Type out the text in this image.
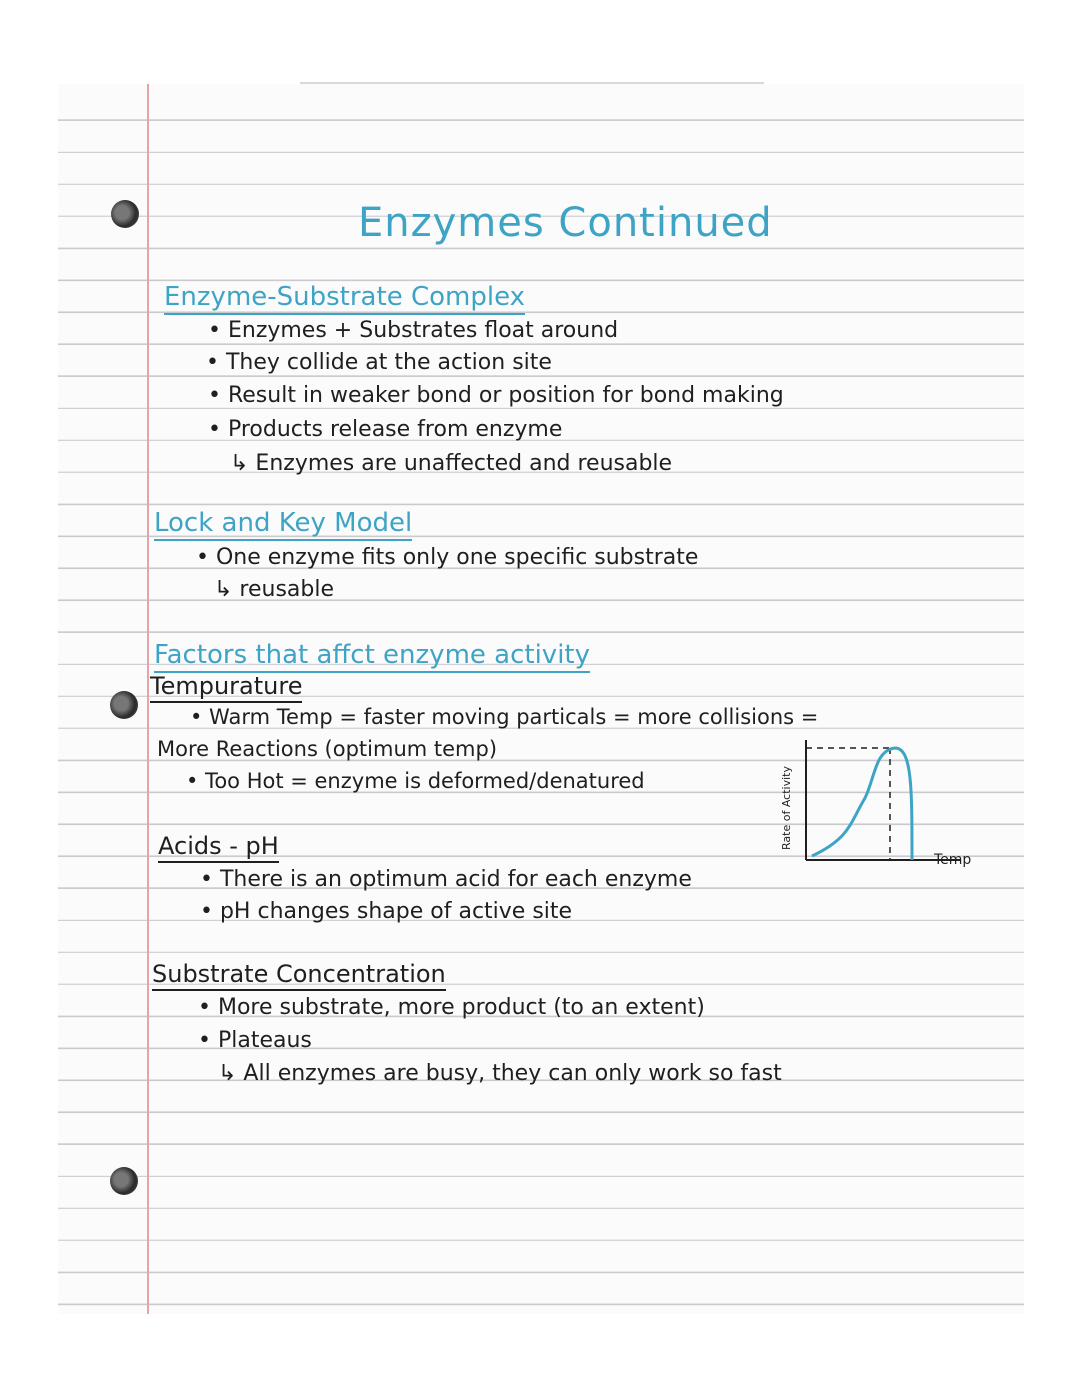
Enzymes Continued
Enzyme-Substrate Complex
• Enzymes + Substrates float around
• They collide at the action site
• Result in weaker bond or position for bond making
• Products release from enzyme
↳ Enzymes are unaffected and reusable
Lock and Key Model
• One enzyme fits only one specific substrate
↳ reusable
Factors that affct enzyme activity
Tempurature
• Warm Temp = faster moving particals = more collisions =
More Reactions (optimum temp)
• Too Hot = enzyme is deformed/denatured	Rate of Activity
Temp
Acids - pH
• There is an optimum acid for each enzyme
• pH changes shape of active site
Substrate Concentration
• More substrate, more product (to an extent)
• Plateaus
↳ All enzymes are busy, they can only work so fast
